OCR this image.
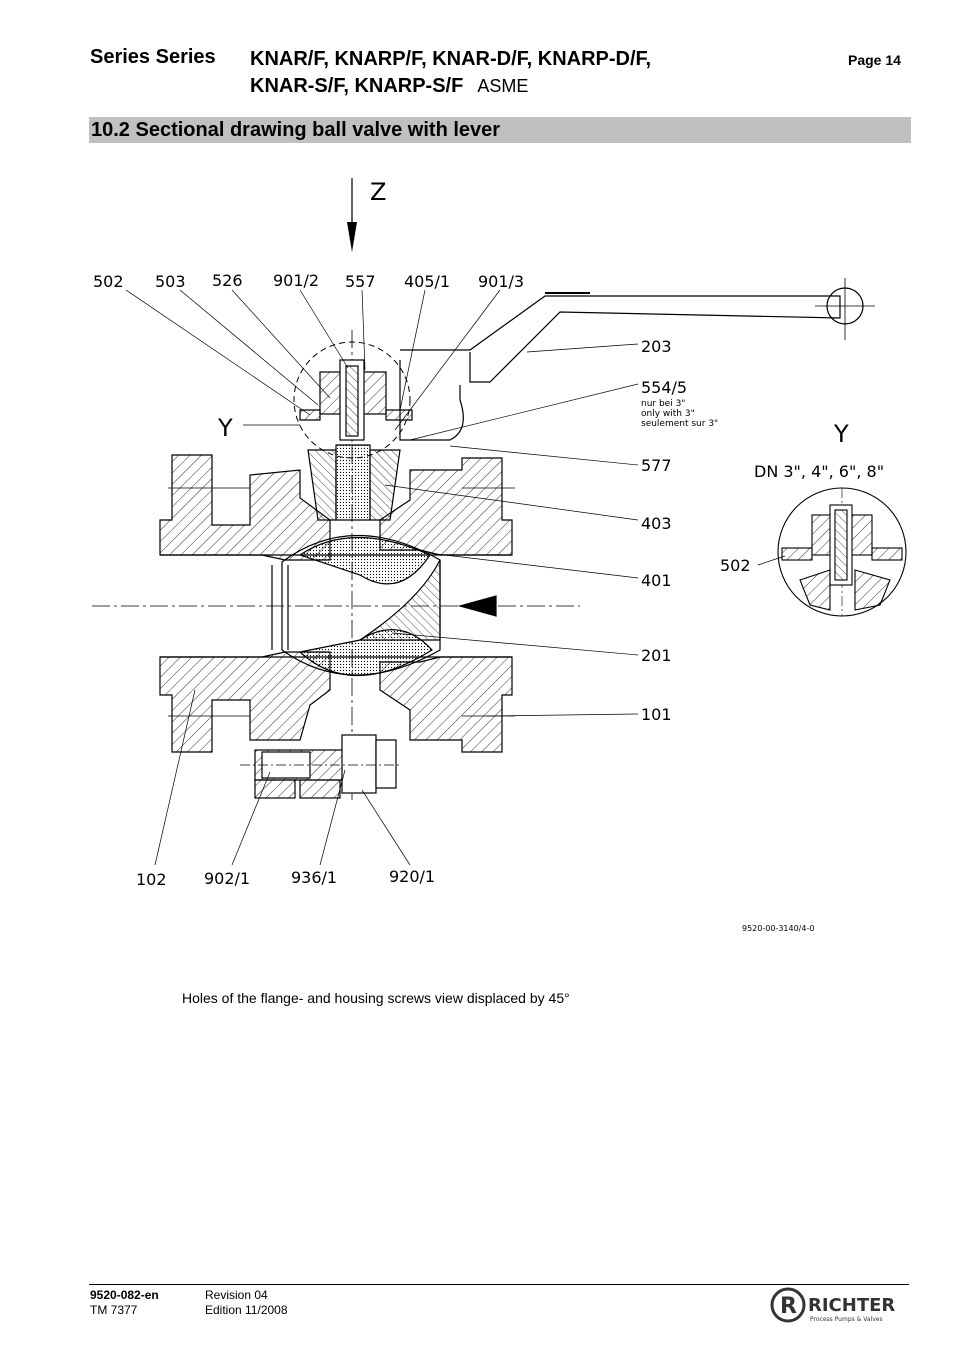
Series Series KNAR/F, KNARP/F, KNAR-D/F, KNARP-D/F,
KNAR-S/F, KNARP-S/F ASME
Page 14
10.2 Sectional drawing ball valve with lever
Z
502 503 526 901/2 557 405/1 901/3
203
554/5
nur bei 3"
only with 3"
seulement sur 3"
577
403
401
201
101
102 902/1	936/1	920/1
Y	Y
DN 3", 4", 6", 8"
502
9520-00-3140/4-0
Holes of the flange- and housing screws view displaced by 45°
9520-082-en
TM 7377
Revision 04
Edition 11/2008	R RICHTER
Process Pumps & Valves
